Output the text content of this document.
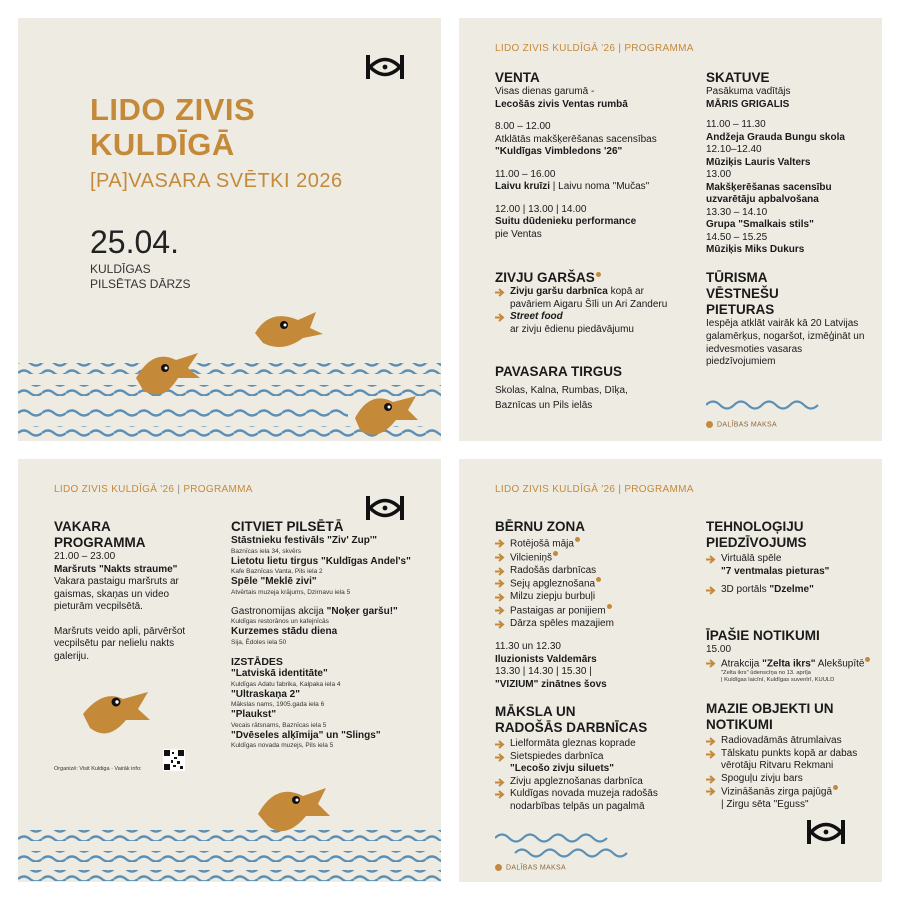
LIDO ZIVIS
KULDĪGĀ
[PA]VASARA SVĒTKI 2026
25.04.
KULDĪGAS
PILSĒTAS DĀRZS
LIDO ZIVIS KULDĪGĀ '26 | PROGRAMMA
VENTA
Visas dienas garumā -
Lecošās zivis Ventas rumbā
8.00 – 12.00
Atklātās makšķerēšanas sacensības
"Kuldīgas Vimbledons '26"
11.00 – 16.00
Laivu kruīzi | Laivu noma "Mučas"
12.00 | 13.00 | 14.00
Suitu dūdenieku performance
pie Ventas
ZIVJU GARŠAS
Zivju garšu darbnīca kopā ar
pavāriem Aigaru Šīli un Ari Zanderu
Street food
ar zivju ēdienu piedāvājumu
PAVASARA TIRGUS
Skolas, Kalna, Rumbas, Dīķa,
Baznīcas un Pils ielās
SKATUVE
Pasākuma vadītājs
MĀRIS GRIGALIS
11.00 – 11.30
Andžeja Grauda Bungu skola
12.10–12.40
Mūziķis Lauris Valters
13.00
Makšķerēšanas sacensību uzvarētāju apbalvošana
13.30 – 14.10
Grupa "Smalkais stils"
14.50 – 15.25
Mūziķis Miks Dukurs
TŪRISMA
VĒSTNEŠU
PIETURAS
Iespēja atklāt vairāk kā 20 Latvijas galamērķus, nogaršot, izmēģināt un iedvesmoties vasaras piedzīvojumiem
DALĪBAS MAKSA
LIDO ZIVIS KULDĪGĀ '26 | PROGRAMMA
VAKARA
PROGRAMMA
21.00 – 23.00
Maršruts "Nakts straume"
Vakara pastaigu maršruts ar gaismas, skaņas un video pieturām vecpilsētā.
Maršruts veido apli, pārvēršot vecpilsētu par nelielu nakts galeriju.
CITVIET PILSĒTĀ
Stāstnieku festivāls "Ziv' Zup'"
Baznīcas iela 34, skvērs
Lietotu lietu tirgus "Kuldīgas Andel's"
Kafe Baznīcas Vanta, Pils iela 2
Spēle "Meklē zivi"
Atvērtais muzeja krājums, Dzirnavu iela 5
Gastronomijas akcija "Noķer garšu!"
Kuldīgas restorānos un kafejnīcās
Kurzemes stādu diena
Sija, Ēdoles iela 50
IZSTĀDES
"Latviskā identitāte"
Kuldīgas Adatu fabrika, Kalpaka iela 4
"Ultraskaņa 2"
Mākslas nams, 1905.gada iela 6
"Plaukst"
Vecais rātsnams, Baznīcas iela 5
"Dvēseles alķīmija" un "Slings"
Kuldīgas novada muzejs, Pils iela 5
Organizē: Visit Kuldiga · Vairāk info:
LIDO ZIVIS KULDĪGĀ '26 | PROGRAMMA
BĒRNU ZONA
Rotējošā māja
Vilcieniņš
Radošās darbnīcas
Sejų apgleznošana
Milzu ziepju burbuļi
Pastaigas ar ponijiem
Dārza spēles mazajiem
11.30 un 12.30
Iluzionists Valdemārs
13.30 | 14.30 | 15.30 |
"VIZIUM" zinātnes šovs
MĀKSLA UN
RADOŠĀS DARBNĪCAS
Lielformāta gleznas koprade
Sietspiedes darbnīca
"Lecošo zivju siluets"
Zivju apgleznošanas darbnīca
Kuldīgas novada muzeja radošās nodarbības telpās un pagalmā
TEHNOLOĢIJU
PIEDZĪVOJUMS
Virtuālā spēle
"7 ventmalas pieturas"
3D portāls "Dzelme"
ĪPAŠIE NOTIKUMI
15.00
Atrakcija "Zelta ikrs" Alekšupītē
"Zelta ikrs" ūdenscīņa no 13. aprīļa
| Kuldīgas laicīnī, Kuldīgas suvenīrī, KUULD
MAZIE OBJEKTI UN
NOTIKUMI
Radiovadāmās ātrumlaivas
Tālskatu punkts kopā ar dabas vērotāju Ritvaru Rekmani
Spoguļu zivju bars
Vizināšanās zirga pajūgā
| Zirgu sēta "Eguss"
DALĪBAS MAKSA
